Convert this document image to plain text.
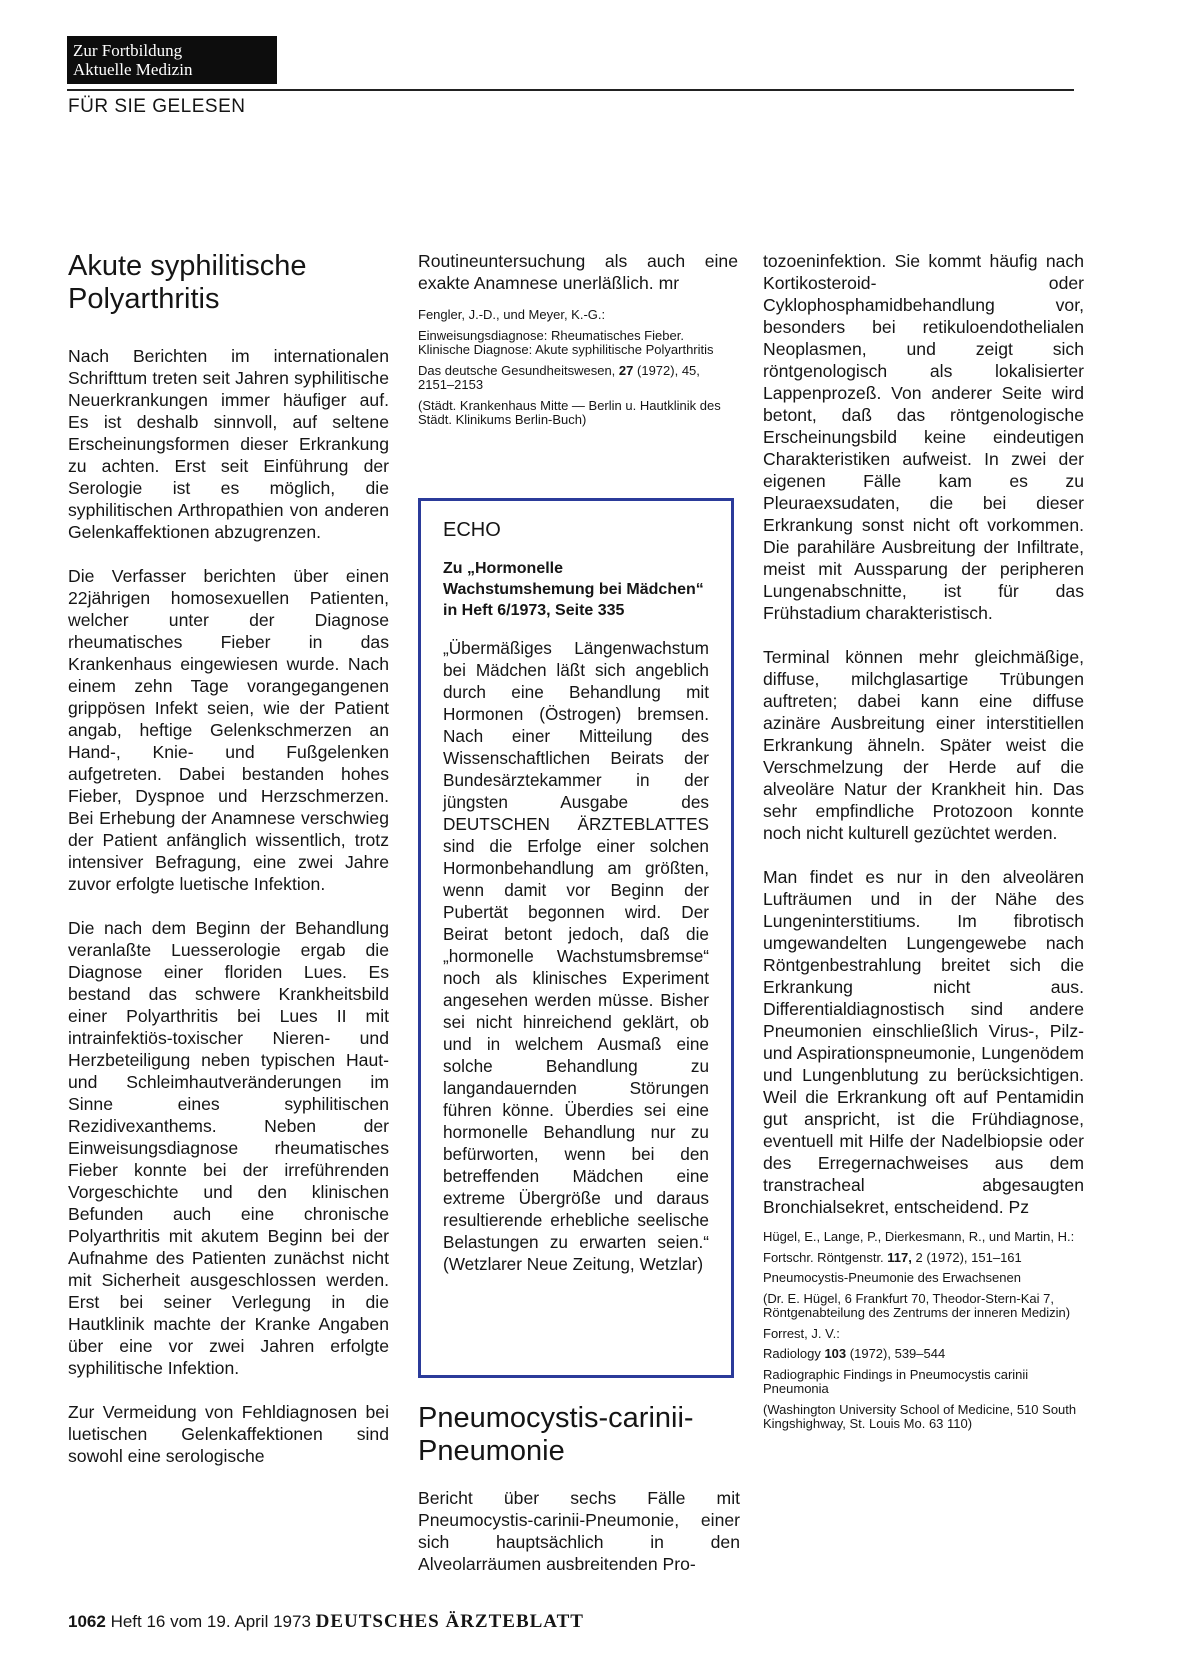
Zur Fortbildung
Aktuelle Medizin
FÜR SIE GELESEN
Akute syphilitische Polyarthritis

Nach Berichten im internationalen Schrifttum treten seit Jahren syphilitische Neuerkrankungen immer häufiger auf. Es ist deshalb sinnvoll, auf seltene Erscheinungsformen dieser Erkrankung zu achten. Erst seit Einführung der Serologie ist es möglich, die syphilitischen Arthropathien von anderen Gelenkaffektionen abzugrenzen.

Die Verfasser berichten über einen 22jährigen homosexuellen Patienten, welcher unter der Diagnose rheumatisches Fieber in das Krankenhaus eingewiesen wurde. Nach einem zehn Tage vorangegangenen grippösen Infekt seien, wie der Patient angab, heftige Gelenkschmerzen an Hand-, Knie- und Fußgelenken aufgetreten. Dabei bestanden hohes Fieber, Dyspnoe und Herzschmerzen. Bei Erhebung der Anamnese verschwieg der Patient anfänglich wissentlich, trotz intensiver Befragung, eine zwei Jahre zuvor erfolgte luetische Infektion.

Die nach dem Beginn der Behandlung veranlaßte Luesserologie ergab die Diagnose einer floriden Lues. Es bestand das schwere Krankheitsbild einer Polyarthritis bei Lues II mit intrainfektiös-toxischer Nieren- und Herzbeteiligung neben typischen Haut- und Schleimhautveränderungen im Sinne eines syphilitischen Rezidivexanthems. Neben der Einweisungsdiagnose rheumatisches Fieber konnte bei der irreführenden Vorgeschichte und den klinischen Befunden auch eine chronische Polyarthritis mit akutem Beginn bei der Aufnahme des Patienten zunächst nicht mit Sicherheit ausgeschlossen werden. Erst bei seiner Verlegung in die Hautklinik machte der Kranke Angaben über eine vor zwei Jahren erfolgte syphilitische Infektion.

Zur Vermeidung von Fehldiagnosen bei luetischen Gelenkaffektionen sind sowohl eine serologische

Routineuntersuchung als auch eine exakte Anamnese unerläßlich. mr

Fengler, J.-D., und Meyer, K.-G.:
Einweisungsdiagnose: Rheumatisches Fieber. Klinische Diagnose: Akute syphilitische Polyarthritis
Das deutsche Gesundheitswesen, 27 (1972), 45, 2151–2153
(Städt. Krankenhaus Mitte — Berlin u. Hautklinik des Städt. Klinikums Berlin-Buch)
ECHO
Zu „Hormonelle Wachstumshemung bei Mädchen“ in Heft 6/1973, Seite 335
„Übermäßiges Längenwachstum bei Mädchen läßt sich angeblich durch eine Behandlung mit Hormonen (Östrogen) bremsen. Nach einer Mitteilung des Wissenschaftlichen Beirats der Bundesärztekammer in der jüngsten Ausgabe des DEUTSCHEN ÄRZTEBLATTES sind die Erfolge einer solchen Hormonbehandlung am größten, wenn damit vor Beginn der Pubertät begonnen wird. Der Beirat betont jedoch, daß die „hormonelle Wachstumsbremse“ noch als klinisches Experiment angesehen werden müsse. Bisher sei nicht hinreichend geklärt, ob und in welchem Ausmaß eine solche Behandlung zu langandauernden Störungen führen könne. Überdies sei eine hormonelle Behandlung nur zu befürworten, wenn bei den betreffenden Mädchen eine extreme Übergröße und daraus resultierende erhebliche seelische Belastungen zu erwarten seien.“ (Wetzlarer Neue Zeitung, Wetzlar)
Pneumocystis-carinii-Pneumonie
Bericht über sechs Fälle mit Pneumocystis-carinii-Pneumonie, einer sich hauptsächlich in den Alveolarräumen ausbreitenden Pro-

tozoeninfektion. Sie kommt häufig nach Kortikosteroid- oder Cyklophosphamidbehandlung vor, besonders bei retikuloendothelialen Neoplasmen, und zeigt sich röntgenologisch als lokalisierter Lappenprozeß. Von anderer Seite wird betont, daß das röntgenologische Erscheinungsbild keine eindeutigen Charakteristiken aufweist. In zwei der eigenen Fälle kam es zu Pleuraexsudaten, die bei dieser Erkrankung sonst nicht oft vorkommen. Die parahiläre Ausbreitung der Infiltrate, meist mit Aussparung der peripheren Lungenabschnitte, ist für das Frühstadium charakteristisch.

Terminal können mehr gleichmäßige, diffuse, milchglasartige Trübungen auftreten; dabei kann eine diffuse azinäre Ausbreitung einer interstitiellen Erkrankung ähneln. Später weist die Verschmelzung der Herde auf die alveoläre Natur der Krankheit hin. Das sehr empfindliche Protozoon konnte noch nicht kulturell gezüchtet werden.

Man findet es nur in den alveolären Lufträumen und in der Nähe des Lungeninterstitiums. Im fibrotisch umgewandelten Lungengewebe nach Röntgenbestrahlung breitet sich die Erkrankung nicht aus. Differentialdiagnostisch sind andere Pneumonien einschließlich Virus-, Pilz- und Aspirationspneumonie, Lungenödem und Lungenblutung zu berücksichtigen. Weil die Erkrankung oft auf Pentamidin gut anspricht, ist die Frühdiagnose, eventuell mit Hilfe der Nadelbiopsie oder des Erregernachweises aus dem transtracheal abgesaugten Bronchialsekret, entscheidend. Pz

Hügel, E., Lange, P., Dierkesmann, R., und Martin, H.:
Fortschr. Röntgenstr. 117, 2 (1972), 151–161
Pneumocystis-Pneumonie des Erwachsenen
(Dr. E. Hügel, 6 Frankfurt 70, Theodor-Stern-Kai 7, Röntgenabteilung des Zentrums der inneren Medizin)
Forrest, J. V.:
Radiology 103 (1972), 539–544
Radiographic Findings in Pneumocystis carinii Pneumonia
(Washington University School of Medicine, 510 South Kingshighway, St. Louis Mo. 63 110)
1062 Heft 16 vom 19. April 1973 DEUTSCHES ÄRZTEBLATT
